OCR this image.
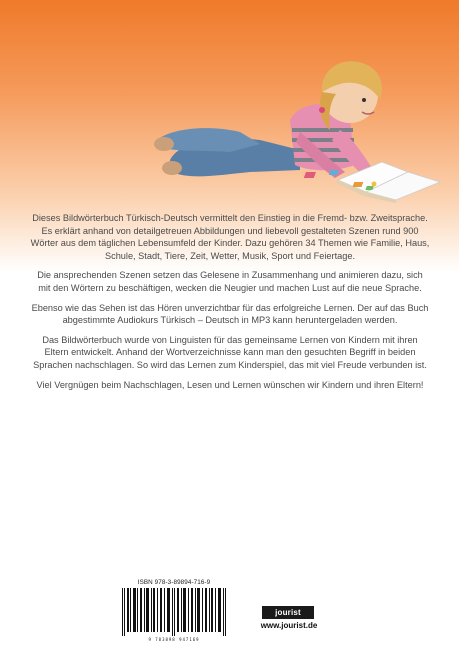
Dieses Bildwörterbuch Türkisch-Deutsch vermittelt den Einstieg in die Fremd- bzw. Zweitsprache. Es erklärt anhand von detailgetreuen Abbildungen und liebevoll gestalteten Szenen rund 900 Wörter aus dem täglichen Lebensumfeld der Kinder. Dazu gehören 34 Themen wie Familie, Haus, Schule, Stadt, Tiere, Zeit, Wetter, Musik, Sport und Feiertage.

Die ansprechenden Szenen setzen das Gelesene in Zusammenhang und animieren dazu, sich mit den Wörtern zu beschäftigen, wecken die Neugier und machen Lust auf die neue Sprache.

Ebenso wie das Sehen ist das Hören unverzichtbar für das erfolgreiche Lernen. Der auf das Buch abgestimmte Audiokurs Türkisch – Deutsch in MP3 kann heruntergeladen werden.

Das Bildwörterbuch wurde von Linguisten für das gemeinsame Lernen von Kindern mit ihren Eltern entwickelt. Anhand der Wortverzeichnisse kann man den gesuchten Begriff in beiden Sprachen nachschlagen. So wird das Lernen zum Kinderspiel, das mit viel Freude verbunden ist.

Viel Vergnügen beim Nachschlagen, Lesen und Lernen wünschen wir Kindern und ihren Eltern!

ISBN 978-3-89894-716-9
9 783898 947169
jourist
www.jourist.de
